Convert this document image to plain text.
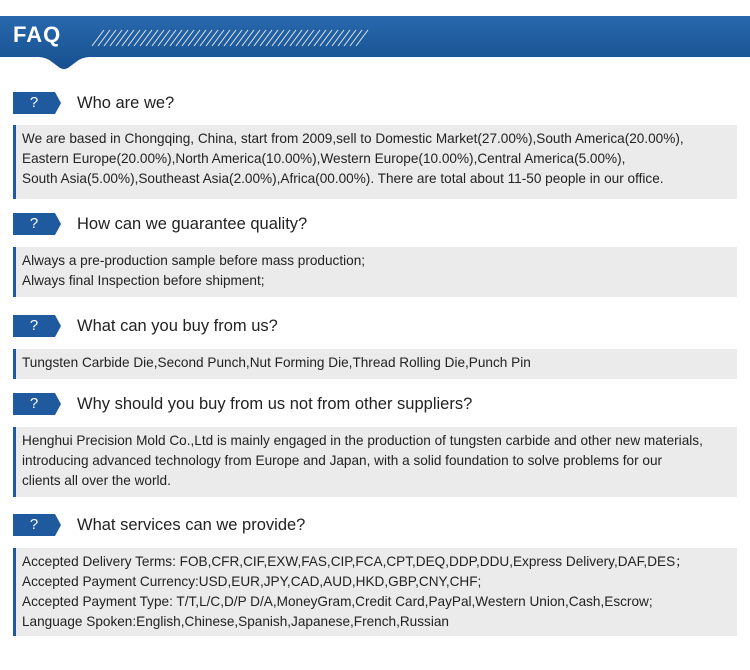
FAQ
?	Who are we?
We are based in Chongqing, China, start from 2009,sell to Domestic Market(27.00%),South America(20.00%),
Eastern Europe(20.00%),North America(10.00%),Western Europe(10.00%),Central America(5.00%),
South Asia(5.00%),Southeast Asia(2.00%),Africa(00.00%). There are total about 11-50 people in our office.
?	How can we guarantee quality?
Always a pre-production sample before mass production;
Always final Inspection before shipment;
?	What can you buy from us?
Tungsten Carbide Die,Second Punch,Nut Forming Die,Thread Rolling Die,Punch Pin
?	Why should you buy from us not from other suppliers?
Henghui Precision Mold Co.,Ltd is mainly engaged in the production of tungsten carbide and other new materials,
introducing advanced technology from Europe and Japan, with a solid foundation to solve problems for our
clients all over the world.
?	What services can we provide?
Accepted Delivery Terms: FOB,CFR,CIF,EXW,FAS,CIP,FCA,CPT,DEQ,DDP,DDU,Express Delivery,DAF,DES；
Accepted Payment Currency:USD,EUR,JPY,CAD,AUD,HKD,GBP,CNY,CHF;
Accepted Payment Type: T/T,L/C,D/P D/A,MoneyGram,Credit Card,PayPal,Western Union,Cash,Escrow;
Language Spoken:English,Chinese,Spanish,Japanese,French,Russian
